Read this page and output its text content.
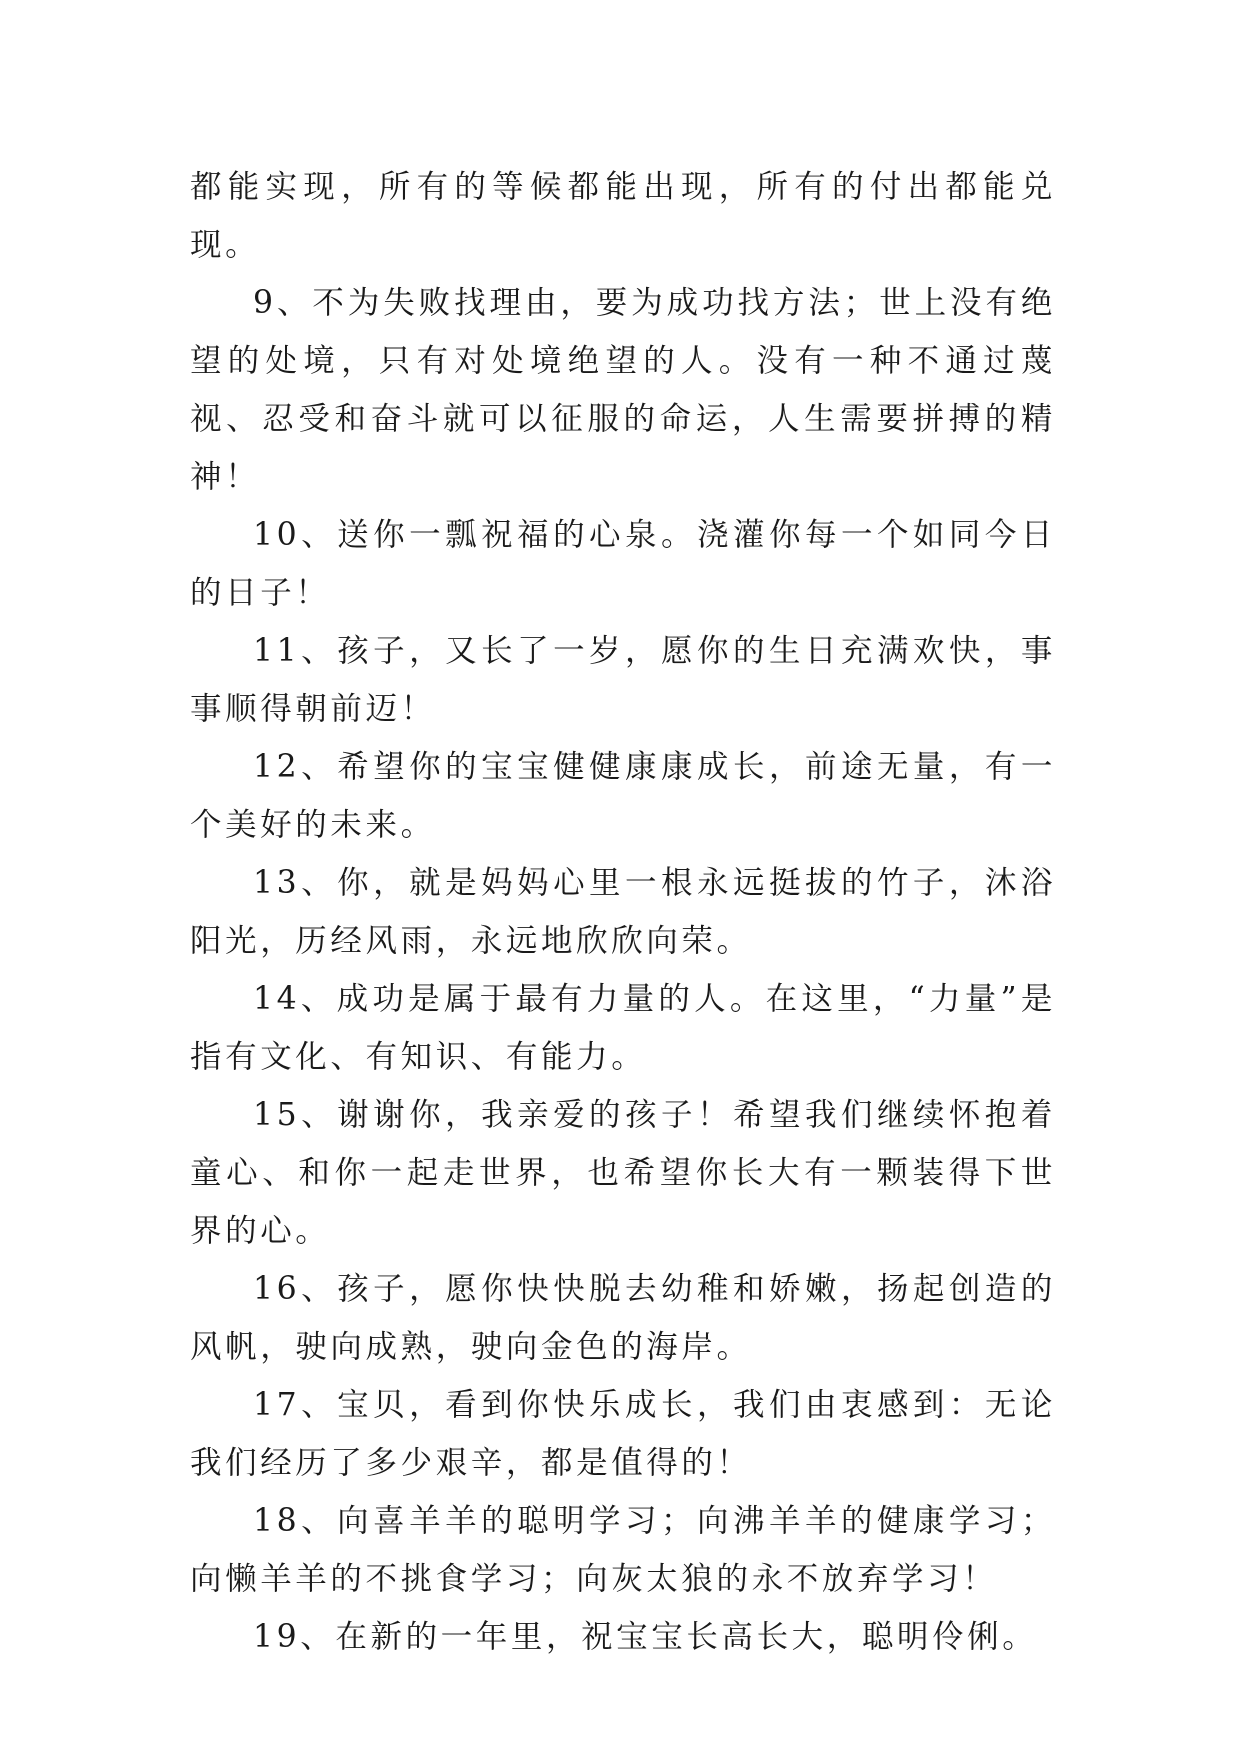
都能实现，所有的等候都能出现，所有的付出都能兑现。

9、不为失败找理由，要为成功找方法；世上没有绝望的处境，只有对处境绝望的人。没有一种不通过蔑视、忍受和奋斗就可以征服的命运，人生需要拼搏的精神！

10、送你一瓢祝福的心泉。浇灌你每一个如同今日的日子！

11、孩子，又长了一岁，愿你的生日充满欢快，事事顺得朝前迈！

12、希望你的宝宝健健康康成长，前途无量，有一个美好的未来。

13、你，就是妈妈心里一根永远挺拔的竹子，沐浴阳光，历经风雨，永远地欣欣向荣。

14、成功是属于最有力量的人。在这里，“力量”是指有文化、有知识、有能力。

15、谢谢你，我亲爱的孩子！希望我们继续怀抱着童心、和你一起走世界，也希望你长大有一颗装得下世界的心。

16、孩子，愿你快快脱去幼稚和娇嫩，扬起创造的风帆，驶向成熟，驶向金色的海岸。

17、宝贝，看到你快乐成长，我们由衷感到：无论我们经历了多少艰辛，都是值得的！

18、向喜羊羊的聪明学习；向沸羊羊的健康学习；向懒羊羊的不挑食学习；向灰太狼的永不放弃学习！

19、在新的一年里，祝宝宝长高长大，聪明伶俐。
